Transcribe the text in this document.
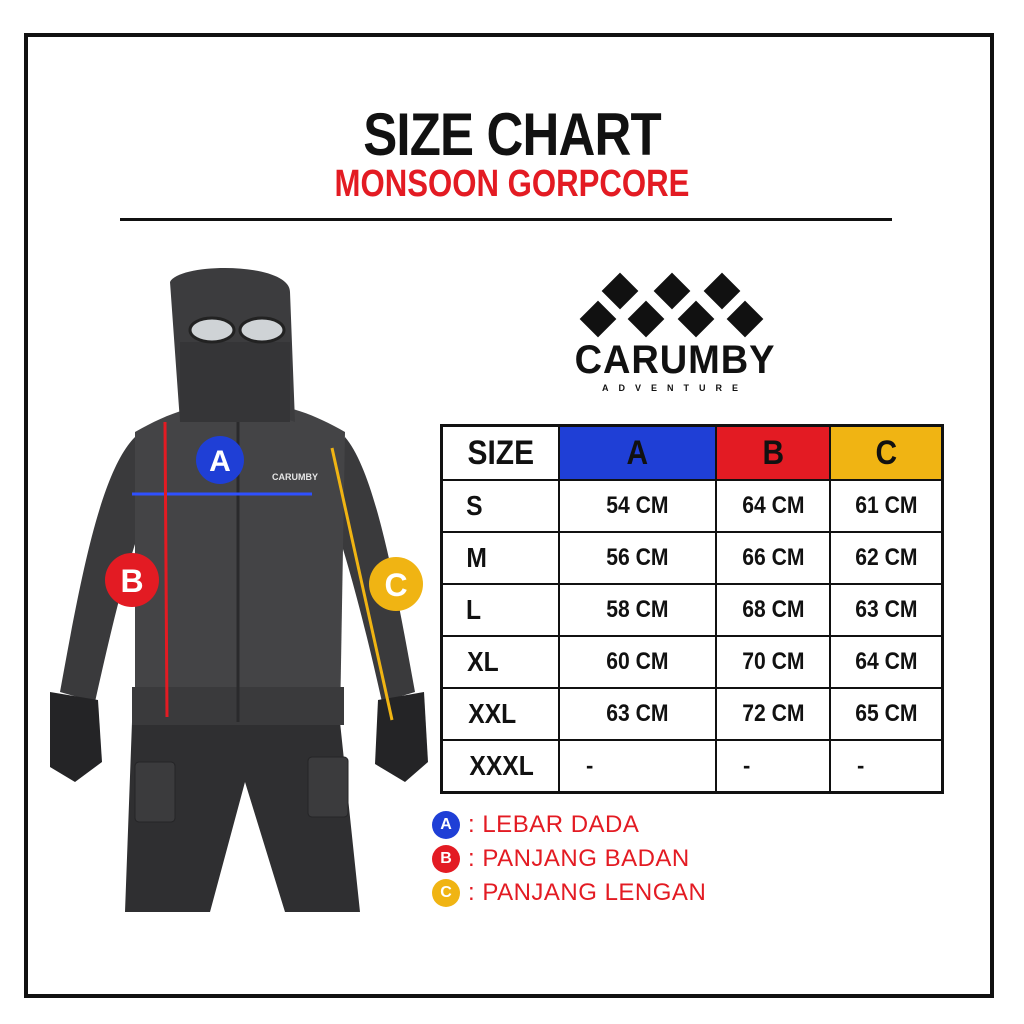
SIZE CHART
MONSOON GORPCORE
CARUMBY
A
B	C
CARUMBY
ADVENTURE
SIZE	A	B	C
S	54 CM	64 CM	61 CM
M	56 CM	66 CM	62 CM
L	58 CM	68 CM	63 CM
XL	60 CM	70 CM	64 CM
XXL	63 CM	72 CM	65 CM
XXXL	-	-	-
A : LEBAR DADA
B : PANJANG BADAN
C : PANJANG LENGAN
